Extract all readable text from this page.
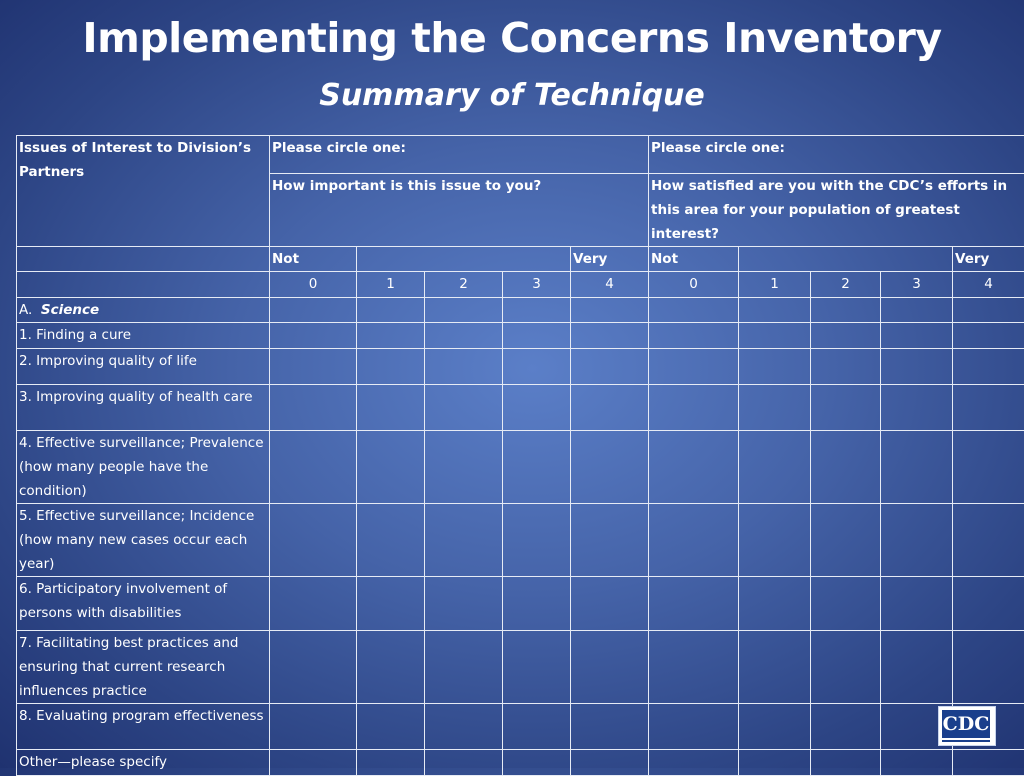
Implementing the Concerns Inventory
Summary of Technique
Issues of Interest to Division’s Partners	Please circle one:					Please circle one:				
	How important is this issue to you?					How satisfied are you with the CDC’s efforts in this area for your population of greatest interest?				
	Not				Very	Not				Very
	0	1	2	3	4	0	1	2	3	4
A. Science										
1. Finding a cure										
2. Improving quality of life										
3. Improving quality of health care										
4. Effective surveillance; Prevalence (how many people have the condition)										
5. Effective surveillance; Incidence (how many new cases occur each year)										
6. Participatory involvement of persons with disabilities										
7. Facilitating best practices and ensuring that current research influences practice										
8. Evaluating program effectiveness										
Other—please specify										
CDC
